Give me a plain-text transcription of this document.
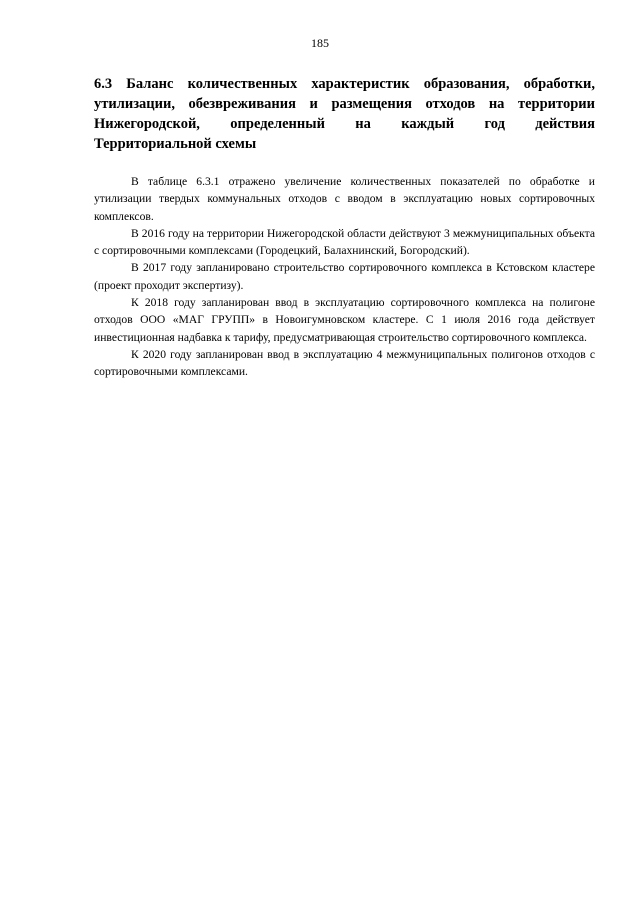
185
6.3 Баланс количественных характеристик образования, обработки,
утилизации, обезвреживания и размещения отходов на территории
Нижегородской, определенный на каждый год действия
Территориальной схемы

В таблице 6.3.1 отражено увеличение количественных показателей по обработке и утилизации твердых коммунальных отходов с вводом в эксплуатацию новых сортировочных комплексов.

В 2016 году на территории Нижегородской области действуют 3 межмуниципальных объекта с сортировочными комплексами (Городецкий, Балахнинский, Богородский).

В 2017 году запланировано строительство сортировочного комплекса в Кстовском кластере (проект проходит экспертизу).

К 2018 году запланирован ввод в эксплуатацию сортировочного комплекса на полигоне отходов ООО «МАГ ГРУПП» в Новоигумновском кластере. С 1 июля 2016 года действует инвестиционная надбавка к тарифу, предусматривающая строительство сортировочного комплекса.

К 2020 году запланирован ввод в эксплуатацию 4 межмуниципальных полигонов отходов с сортировочными комплексами.
